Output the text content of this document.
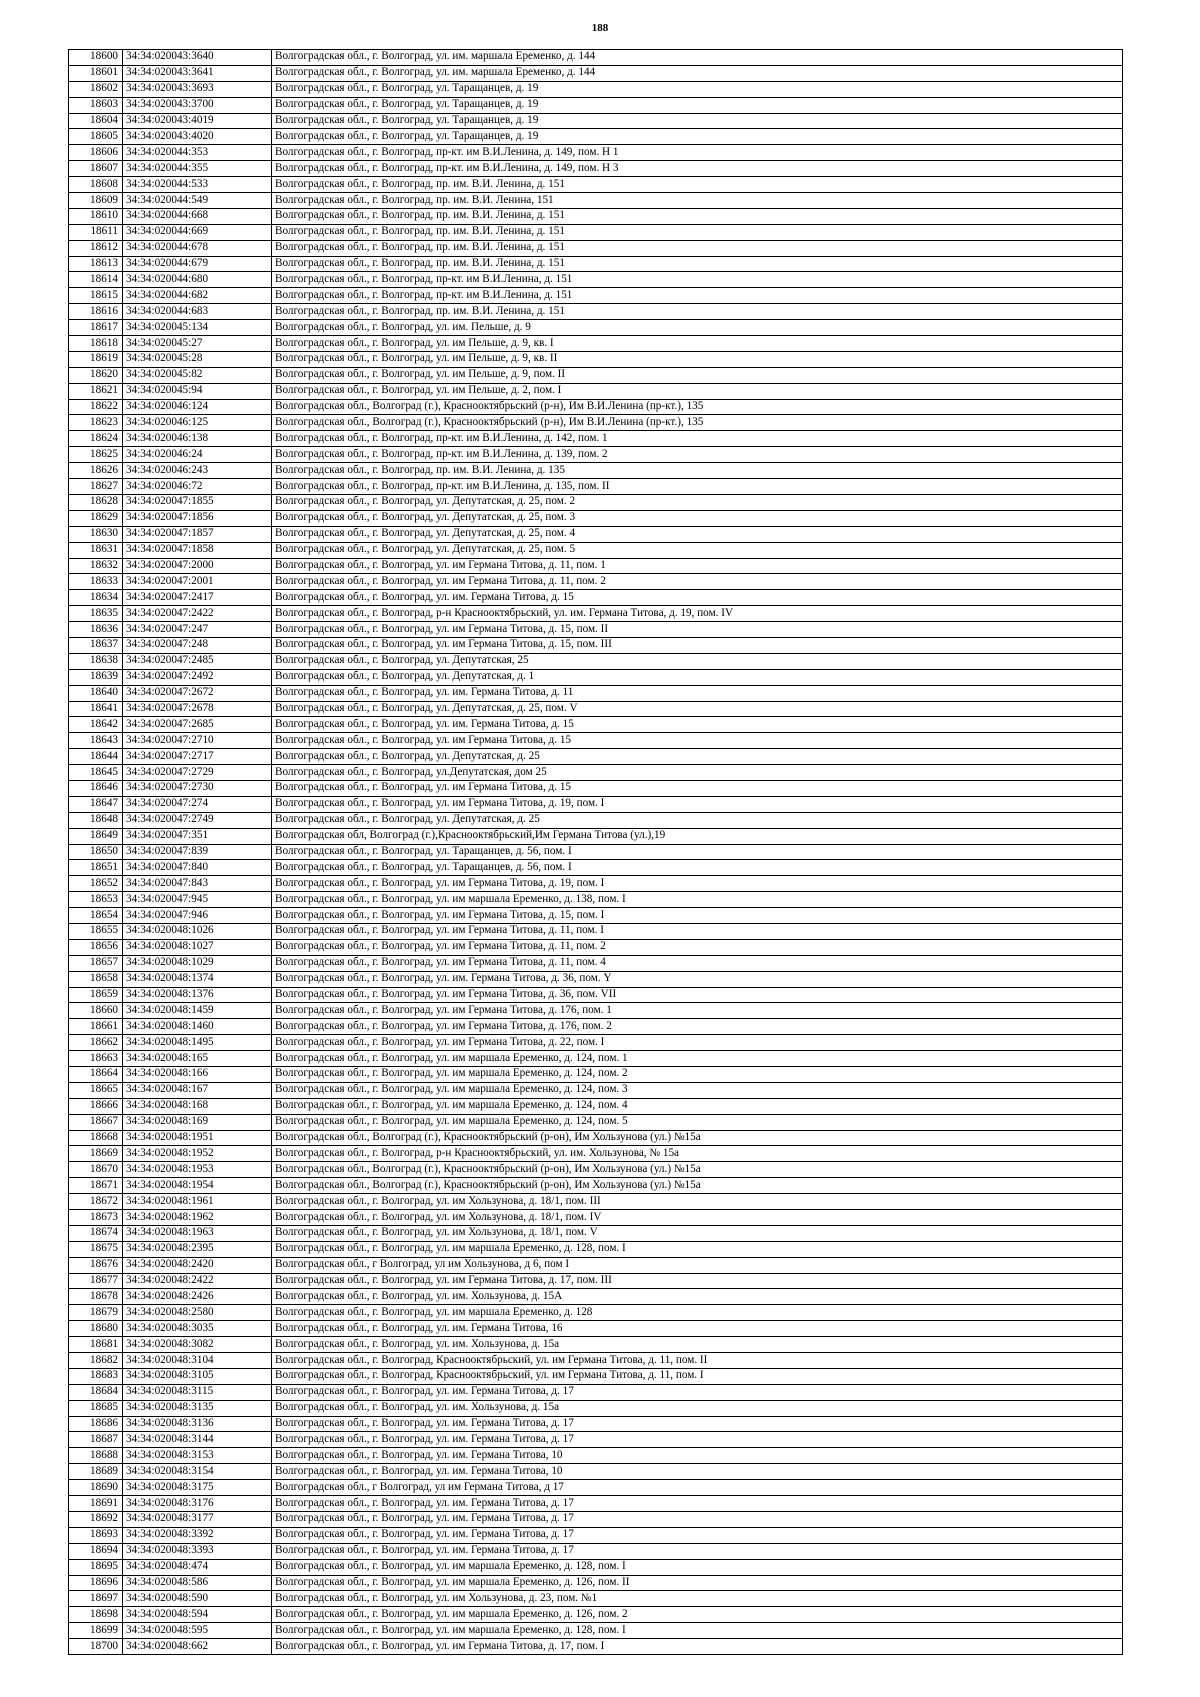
188
18600	34:34:020043:3640	Волгоградская обл., г. Волгоград, ул. им. маршала Еременко, д. 144
18601	34:34:020043:3641	Волгоградская обл., г. Волгоград, ул. им. маршала Еременко, д. 144
18602	34:34:020043:3693	Волгоградская обл., г. Волгоград, ул. Таращанцев, д. 19
18603	34:34:020043:3700	Волгоградская обл., г. Волгоград, ул. Таращанцев, д. 19
18604	34:34:020043:4019	Волгоградская обл., г. Волгоград, ул. Таращанцев, д. 19
18605	34:34:020043:4020	Волгоградская обл., г. Волгоград, ул. Таращанцев, д. 19
18606	34:34:020044:353	Волгоградская обл., г. Волгоград, пр-кт. им В.И.Ленина, д. 149, пом. Н 1
18607	34:34:020044:355	Волгоградская обл., г. Волгоград, пр-кт. им В.И.Ленина, д. 149, пом. Н 3
18608	34:34:020044:533	Волгоградская обл., г. Волгоград, пр. им. В.И. Ленина, д. 151
18609	34:34:020044:549	Волгоградская обл., г. Волгоград, пр. им. В.И. Ленина, 151
18610	34:34:020044:668	Волгоградская обл., г. Волгоград, пр. им. В.И. Ленина, д. 151
18611	34:34:020044:669	Волгоградская обл., г. Волгоград, пр. им. В.И. Ленина, д. 151
18612	34:34:020044:678	Волгоградская обл., г. Волгоград, пр. им. В.И. Ленина, д. 151
18613	34:34:020044:679	Волгоградская обл., г. Волгоград, пр. им. В.И. Ленина, д. 151
18614	34:34:020044:680	Волгоградская обл., г. Волгоград, пр-кт. им В.И.Ленина, д. 151
18615	34:34:020044:682	Волгоградская обл., г. Волгоград, пр-кт. им В.И.Ленина, д. 151
18616	34:34:020044:683	Волгоградская обл., г. Волгоград, пр. им. В.И. Ленина, д. 151
18617	34:34:020045:134	Волгоградская обл., г. Волгоград, ул. им. Пельше, д. 9
18618	34:34:020045:27	Волгоградская обл., г. Волгоград, ул. им Пельше, д. 9, кв. I
18619	34:34:020045:28	Волгоградская обл., г. Волгоград, ул. им Пельше, д. 9, кв. II
18620	34:34:020045:82	Волгоградская обл., г. Волгоград, ул. им Пельше, д. 9, пом. II
18621	34:34:020045:94	Волгоградская обл., г. Волгоград, ул. им Пельше, д. 2, пом. I
18622	34:34:020046:124	Волгоградская обл., Волгоград (г.), Краснооктябрьский (р-н), Им В.И.Ленина (пр-кт.), 135
18623	34:34:020046:125	Волгоградская обл., Волгоград (г.), Краснооктябрьский (р-н), Им В.И.Ленина (пр-кт.), 135
18624	34:34:020046:138	Волгоградская обл., г. Волгоград, пр-кт. им В.И.Ленина, д. 142, пом. 1
18625	34:34:020046:24	Волгоградская обл., г. Волгоград, пр-кт. им В.И.Ленина, д. 139, пом. 2
18626	34:34:020046:243	Волгоградская обл., г. Волгоград, пр. им. В.И. Ленина, д. 135
18627	34:34:020046:72	Волгоградская обл., г. Волгоград, пр-кт. им В.И.Ленина, д. 135, пом. II
18628	34:34:020047:1855	Волгоградская обл., г. Волгоград, ул. Депутатская, д. 25, пом. 2
18629	34:34:020047:1856	Волгоградская обл., г. Волгоград, ул. Депутатская, д. 25, пом. 3
18630	34:34:020047:1857	Волгоградская обл., г. Волгоград, ул. Депутатская, д. 25, пом. 4
18631	34:34:020047:1858	Волгоградская обл., г. Волгоград, ул. Депутатская, д. 25, пом. 5
18632	34:34:020047:2000	Волгоградская обл., г. Волгоград, ул. им Германа Титова, д. 11, пом. 1
18633	34:34:020047:2001	Волгоградская обл., г. Волгоград, ул. им Германа Титова, д. 11, пом. 2
18634	34:34:020047:2417	Волгоградская обл., г. Волгоград, ул. им. Германа Титова, д. 15
18635	34:34:020047:2422	Волгоградская обл., г. Волгоград, р-н Краснооктябрьский, ул. им. Германа Титова, д. 19, пом. IV
18636	34:34:020047:247	Волгоградская обл., г. Волгоград, ул. им Германа Титова, д. 15, пом. II
18637	34:34:020047:248	Волгоградская обл., г. Волгоград, ул. им Германа Титова, д. 15, пом. III
18638	34:34:020047:2485	Волгоградская обл., г. Волгоград, ул. Депутатская, 25
18639	34:34:020047:2492	Волгоградская обл., г. Волгоград, ул. Депутатская, д. 1
18640	34:34:020047:2672	Волгоградская обл., г. Волгоград, ул. им. Германа Титова, д. 11
18641	34:34:020047:2678	Волгоградская обл., г. Волгоград, ул. Депутатская, д. 25, пом. V
18642	34:34:020047:2685	Волгоградская обл., г. Волгоград, ул. им. Германа Титова, д. 15
18643	34:34:020047:2710	Волгоградская обл., г. Волгоград, ул. им Германа Титова, д. 15
18644	34:34:020047:2717	Волгоградская обл., г. Волгоград, ул. Депутатская, д. 25
18645	34:34:020047:2729	Волгоградская обл., г. Волгоград, ул.Депутатская, дом 25
18646	34:34:020047:2730	Волгоградская обл., г. Волгоград, ул. им Германа Титова, д. 15
18647	34:34:020047:274	Волгоградская обл., г. Волгоград, ул. им Германа Титова, д. 19, пом. I
18648	34:34:020047:2749	Волгоградская обл., г. Волгоград, ул. Депутатская, д. 25
18649	34:34:020047:351	Волгоградская обл, Волгоград (г.),Краснооктябрьский,Им Германа Титова (ул.),19
18650	34:34:020047:839	Волгоградская обл., г. Волгоград, ул. Таращанцев, д. 56, пом. I
18651	34:34:020047:840	Волгоградская обл., г. Волгоград, ул. Таращанцев, д. 56, пом. I
18652	34:34:020047:843	Волгоградская обл., г. Волгоград, ул. им Германа Титова, д. 19, пом. I
18653	34:34:020047:945	Волгоградская обл., г. Волгоград, ул. им маршала Еременко, д. 138, пом. I
18654	34:34:020047:946	Волгоградская обл., г. Волгоград, ул. им Германа Титова, д. 15, пом. I
18655	34:34:020048:1026	Волгоградская обл., г. Волгоград, ул. им Германа Титова, д. 11, пом. I
18656	34:34:020048:1027	Волгоградская обл., г. Волгоград, ул. им Германа Титова, д. 11, пом. 2
18657	34:34:020048:1029	Волгоградская обл., г. Волгоград, ул. им Германа Титова, д. 11, пом. 4
18658	34:34:020048:1374	Волгоградская обл., г. Волгоград, ул. им. Германа Титова, д. 36, пом. Y
18659	34:34:020048:1376	Волгоградская обл., г. Волгоград, ул. им Германа Титова, д. 36, пом. VII
18660	34:34:020048:1459	Волгоградская обл., г. Волгоград, ул. им Германа Титова, д. 176, пом. 1
18661	34:34:020048:1460	Волгоградская обл., г. Волгоград, ул. им Германа Титова, д. 176, пом. 2
18662	34:34:020048:1495	Волгоградская обл., г. Волгоград, ул. им Германа Титова, д. 22, пом. I
18663	34:34:020048:165	Волгоградская обл., г. Волгоград, ул. им маршала Еременко, д. 124, пом. 1
18664	34:34:020048:166	Волгоградская обл., г. Волгоград, ул. им маршала Еременко, д. 124, пом. 2
18665	34:34:020048:167	Волгоградская обл., г. Волгоград, ул. им маршала Еременко, д. 124, пом. 3
18666	34:34:020048:168	Волгоградская обл., г. Волгоград, ул. им маршала Еременко, д. 124, пом. 4
18667	34:34:020048:169	Волгоградская обл., г. Волгоград, ул. им маршала Еременко, д. 124, пом. 5
18668	34:34:020048:1951	Волгоградская обл., Волгоград (г.), Краснооктябрьский (р-он), Им Хользунова (ул.) №15а
18669	34:34:020048:1952	Волгоградская обл., г. Волгоград, р-н Краснооктябрьский, ул. им. Хользунова, № 15а
18670	34:34:020048:1953	Волгоградская обл., Волгоград (г.), Краснооктябрьский (р-он), Им Хользунова (ул.) №15а
18671	34:34:020048:1954	Волгоградская обл., Волгоград (г.), Краснооктябрьский (р-он), Им Хользунова (ул.) №15а
18672	34:34:020048:1961	Волгоградская обл., г. Волгоград, ул. им Хользунова, д. 18/1, пом. III
18673	34:34:020048:1962	Волгоградская обл., г. Волгоград, ул. им Хользунова, д. 18/1, пом. IV
18674	34:34:020048:1963	Волгоградская обл., г. Волгоград, ул. им Хользунова, д. 18/1, пом. V
18675	34:34:020048:2395	Волгоградская обл., г. Волгоград, ул. им маршала Еременко, д. 128, пом. I
18676	34:34:020048:2420	Волгоградская обл., г Волгоград, ул им Хользунова, д 6, пом I
18677	34:34:020048:2422	Волгоградская обл., г. Волгоград, ул. им Германа Титова, д. 17, пом. III
18678	34:34:020048:2426	Волгоградская обл., г. Волгоград, ул. им. Хользунова, д. 15А
18679	34:34:020048:2580	Волгоградская обл., г. Волгоград, ул. им маршала Еременко, д. 128
18680	34:34:020048:3035	Волгоградская обл., г. Волгоград, ул. им. Германа Титова, 16
18681	34:34:020048:3082	Волгоградская обл., г. Волгоград, ул. им. Хользунова, д. 15а
18682	34:34:020048:3104	Волгоградская обл., г. Волгоград, Краснооктябрьский, ул. им Германа Титова, д. 11, пом. II
18683	34:34:020048:3105	Волгоградская обл., г. Волгоград, Краснооктябрьский, ул. им Германа Титова, д. 11, пом. I
18684	34:34:020048:3115	Волгоградская обл., г. Волгоград, ул. им. Германа Титова, д. 17
18685	34:34:020048:3135	Волгоградская обл., г. Волгоград, ул. им. Хользунова, д. 15а
18686	34:34:020048:3136	Волгоградская обл., г. Волгоград, ул. им. Германа Титова, д. 17
18687	34:34:020048:3144	Волгоградская обл., г. Волгоград, ул. им. Германа Титова, д. 17
18688	34:34:020048:3153	Волгоградская обл., г. Волгоград, ул. им. Германа Титова, 10
18689	34:34:020048:3154	Волгоградская обл., г. Волгоград, ул. им. Германа Титова, 10
18690	34:34:020048:3175	Волгоградская обл., г Волгоград, ул им Германа Титова, д 17
18691	34:34:020048:3176	Волгоградская обл., г. Волгоград, ул. им. Германа Титова, д. 17
18692	34:34:020048:3177	Волгоградская обл., г. Волгоград, ул. им. Германа Титова, д. 17
18693	34:34:020048:3392	Волгоградская обл., г. Волгоград, ул. им. Германа Титова, д. 17
18694	34:34:020048:3393	Волгоградская обл., г. Волгоград, ул. им. Германа Титова, д. 17
18695	34:34:020048:474	Волгоградская обл., г. Волгоград, ул. им маршала Еременко, д. 128, пом. I
18696	34:34:020048:586	Волгоградская обл., г. Волгоград, ул. им маршала Еременко, д. 126, пом. II
18697	34:34:020048:590	Волгоградская обл., г. Волгоград, ул. им Хользунова, д. 23, пом. №1
18698	34:34:020048:594	Волгоградская обл., г. Волгоград, ул. им маршала Еременко, д. 126, пом. 2
18699	34:34:020048:595	Волгоградская обл., г. Волгоград, ул. им маршала Еременко, д. 128, пом. I
18700	34:34:020048:662	Волгоградская обл., г. Волгоград, ул. им Германа Титова, д. 17, пом. I
